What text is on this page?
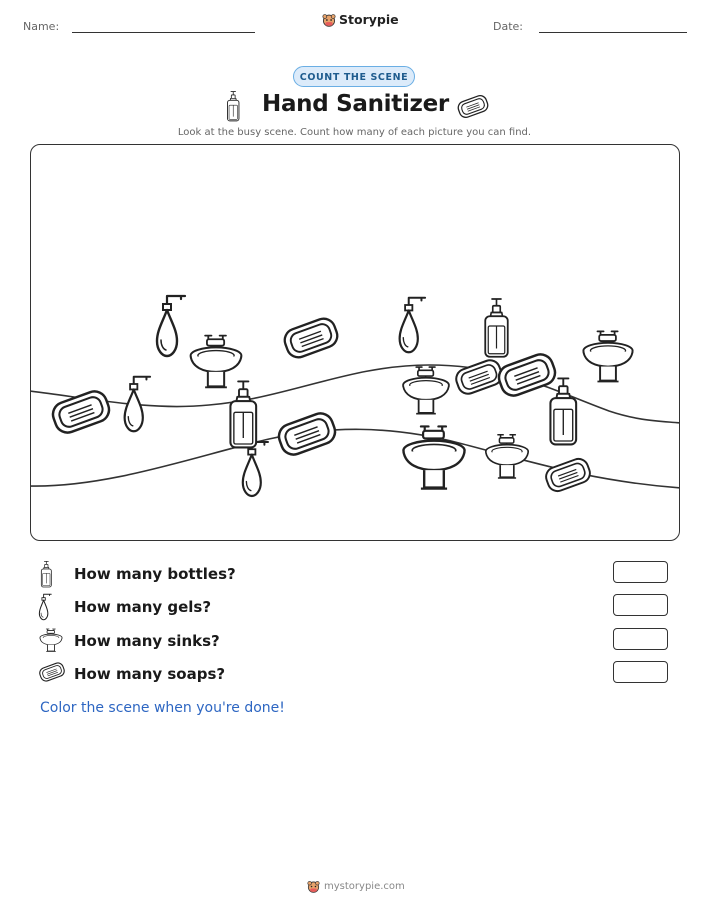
Name:	Storypie	Date:
COUNT THE SCENE
Hand Sanitizer
Look at the busy scene. Count how many of each picture you can find.
How many bottles?
How many gels?
How many sinks?
How many soaps?
Color the scene when you're done!
mystorypie.com
